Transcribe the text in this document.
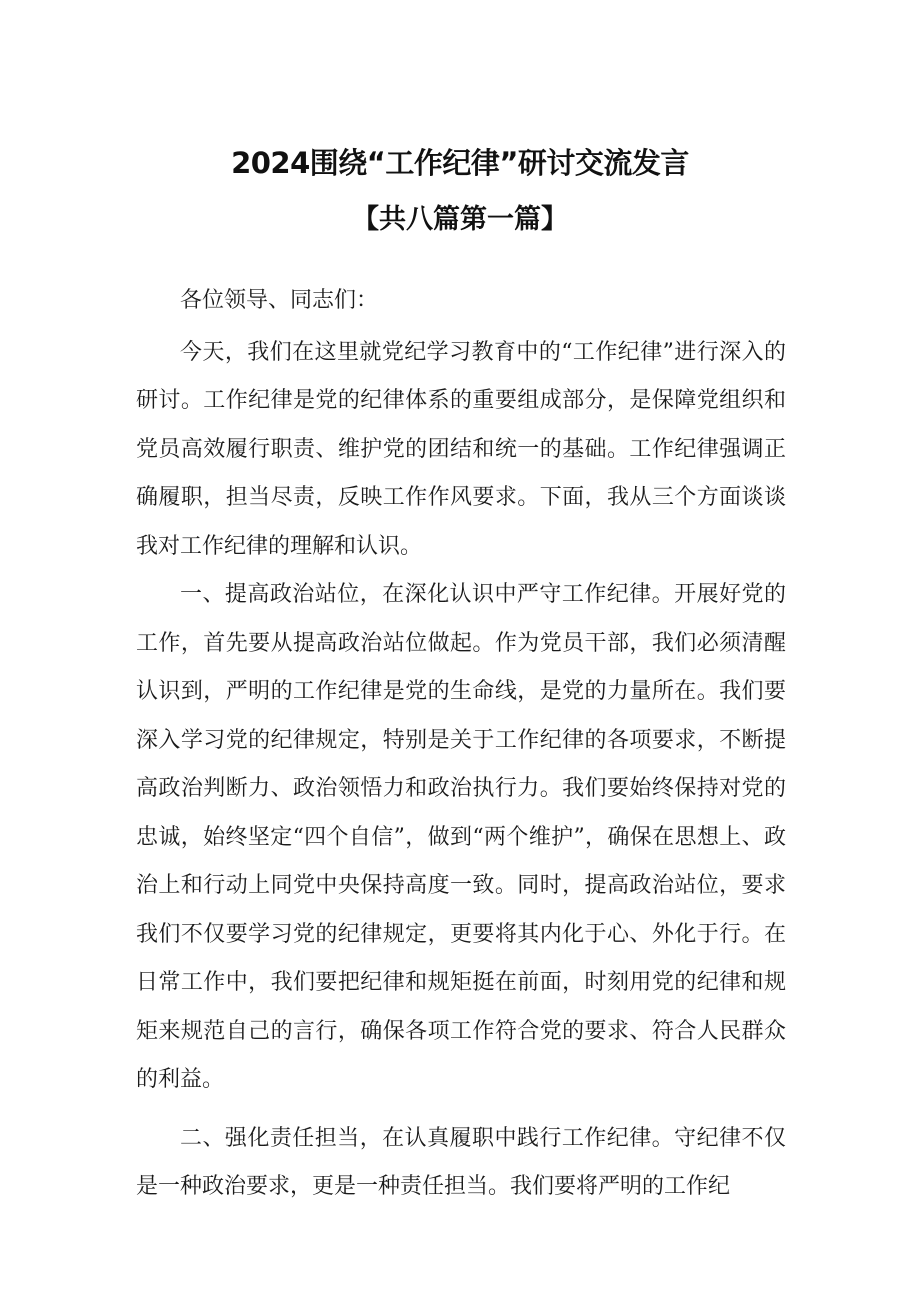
2024围绕“工作纪律”研讨交流发言
【共八篇第一篇】

各位领导、同志们：

今天，我们在这里就党纪学习教育中的“工作纪律”进行深入的研讨。工作纪律是党的纪律体系的重要组成部分，是保障党组织和党员高效履行职责、维护党的团结和统一的基础。工作纪律强调正确履职，担当尽责，反映工作作风要求。下面，我从三个方面谈谈我对工作纪律的理解和认识。

一、提高政治站位，在深化认识中严守工作纪律。开展好党的工作，首先要从提高政治站位做起。作为党员干部，我们必须清醒认识到，严明的工作纪律是党的生命线，是党的力量所在。我们要深入学习党的纪律规定，特别是关于工作纪律的各项要求，不断提高政治判断力、政治领悟力和政治执行力。我们要始终保持对党的忠诚，始终坚定“四个自信”，做到“两个维护”，确保在思想上、政治上和行动上同党中央保持高度一致。同时，提高政治站位，要求我们不仅要学习党的纪律规定，更要将其内化于心、外化于行。在日常工作中，我们要把纪律和规矩挺在前面，时刻用党的纪律和规矩来规范自己的言行，确保各项工作符合党的要求、符合人民群众的利益。

二、强化责任担当，在认真履职中践行工作纪律。守纪律不仅是一种政治要求，更是一种责任担当。我们要将严明的工作纪
